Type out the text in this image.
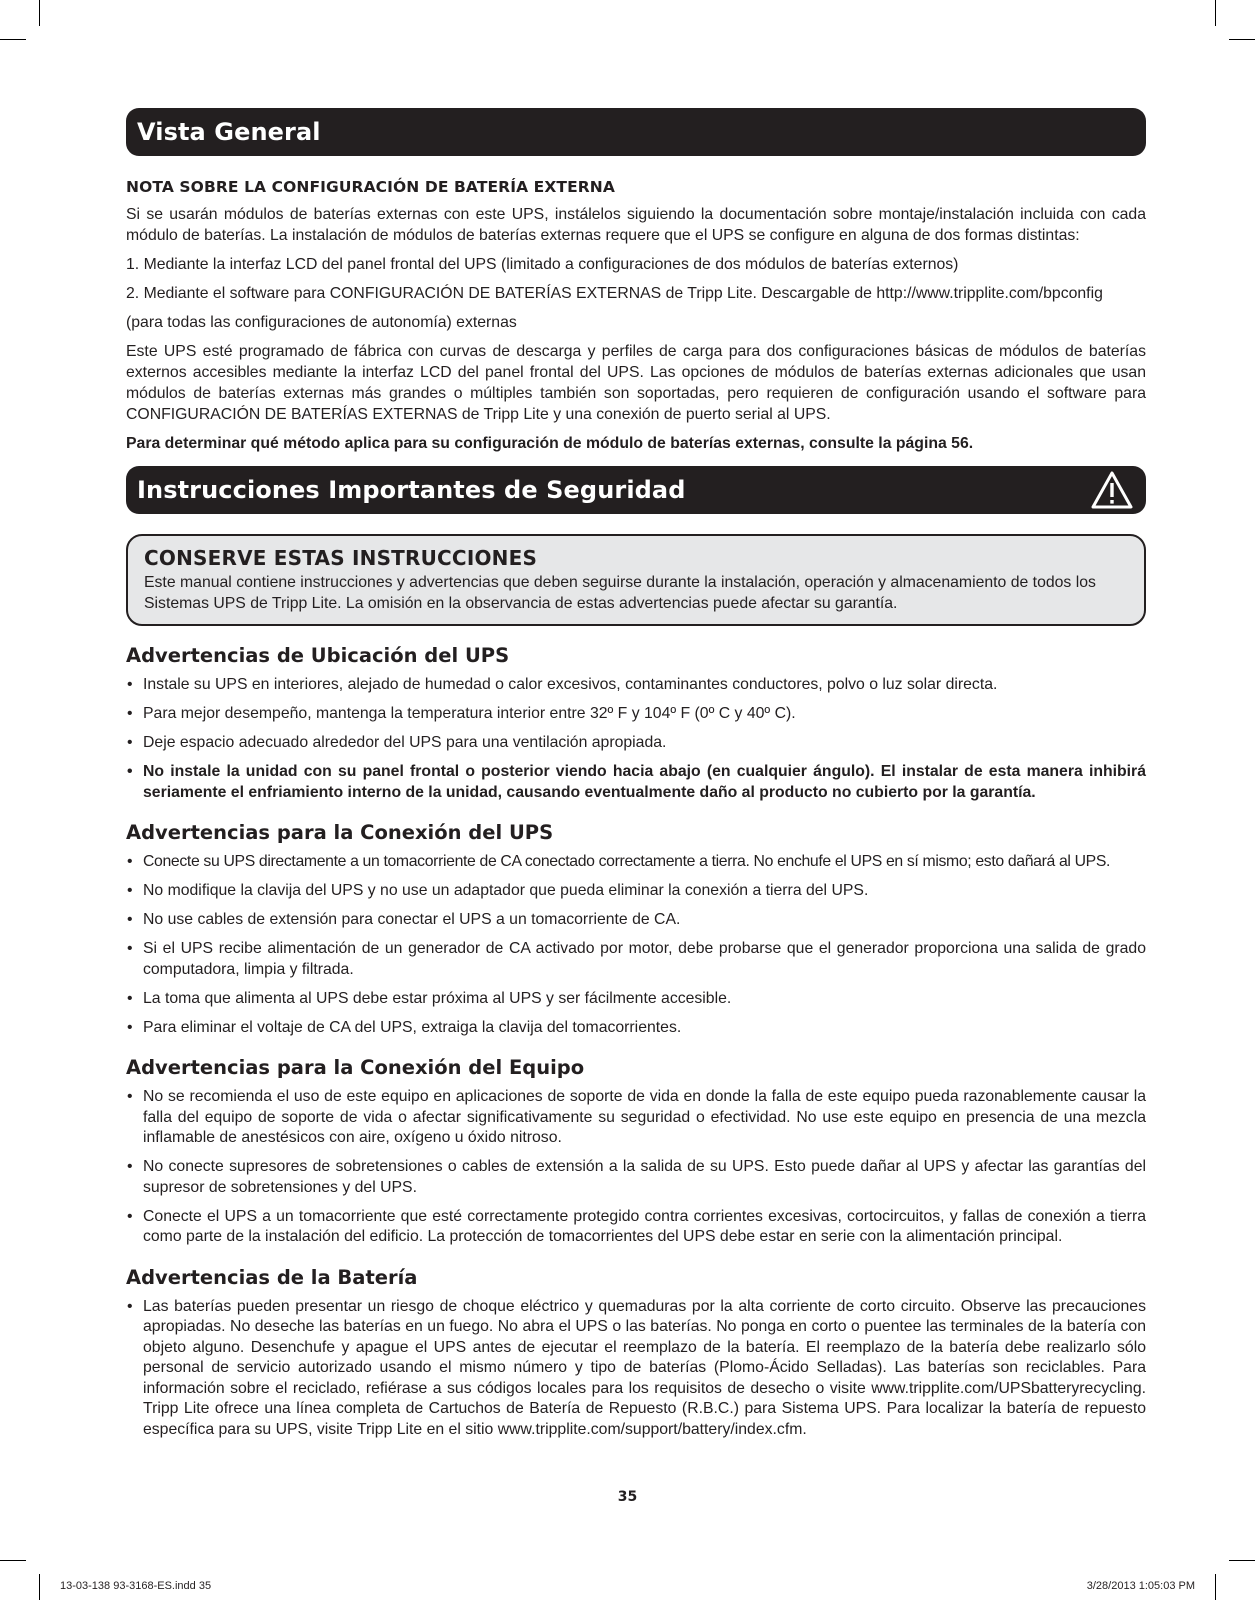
Vista General
NOTA SOBRE LA CONFIGURACIÓN DE BATERÍA EXTERNA

Si se usarán módulos de baterías externas con este UPS, instálelos siguiendo la documentación sobre montaje/instalación incluida con cada módulo de baterías. La instalación de módulos de baterías externas requere que el UPS se configure en alguna de dos formas distintas:

1. Mediante la interfaz LCD del panel frontal del UPS (limitado a configuraciones de dos módulos de baterías externos)

2. Mediante el software para CONFIGURACIÓN DE BATERÍAS EXTERNAS de Tripp Lite. Descargable de http://www.tripplite.com/bpconfig

(para todas las configuraciones de autonomía) externas

Este UPS esté programado de fábrica con curvas de descarga y perfiles de carga para dos configuraciones básicas de módulos de baterías externos accesibles mediante la interfaz LCD del panel frontal del UPS. Las opciones de módulos de baterías externas adicionales que usan módulos de baterías externas más grandes o múltiples también son soportadas, pero requieren de configuración usando el software para CONFIGURACIÓN DE BATERÍAS EXTERNAS de Tripp Lite y una conexión de puerto serial al UPS.

Para determinar qué método aplica para su configuración de módulo de baterías externas, consulte la página 56.

Instrucciones Importantes de Seguridad
CONSERVE ESTAS INSTRUCCIONES

Este manual contiene instrucciones y advertencias que deben seguirse durante la instalación, operación y almacenamiento de todos los Sistemas UPS de Tripp Lite. La omisión en la observancia de estas advertencias puede afectar su garantía.

Advertencias de Ubicación del UPS
• Instale su UPS en interiores, alejado de humedad o calor excesivos, contaminantes conductores, polvo o luz solar directa.
• Para mejor desempeño, mantenga la temperatura interior entre 32º F y 104º F (0º C y 40º C).
• Deje espacio adecuado alrededor del UPS para una ventilación apropiada.
• No instale la unidad con su panel frontal o posterior viendo hacia abajo (en cualquier ángulo). El instalar de esta manera inhibirá seriamente el enfriamiento interno de la unidad, causando eventualmente daño al producto no cubierto por la garantía.
Advertencias para la Conexión del UPS
• Conecte su UPS directamente a un tomacorriente de CA conectado correctamente a tierra. No enchufe el UPS en sí mismo; esto dañará al UPS.
• No modifique la clavija del UPS y no use un adaptador que pueda eliminar la conexión a tierra del UPS.
• No use cables de extensión para conectar el UPS a un tomacorriente de CA.
• Si el UPS recibe alimentación de un generador de CA activado por motor, debe probarse que el generador proporciona una salida de grado computadora, limpia y filtrada.
• La toma que alimenta al UPS debe estar próxima al UPS y ser fácilmente accesible.
• Para eliminar el voltaje de CA del UPS, extraiga la clavija del tomacorrientes.
Advertencias para la Conexión del Equipo
• No se recomienda el uso de este equipo en aplicaciones de soporte de vida en donde la falla de este equipo pueda razonablemente causar la falla del equipo de soporte de vida o afectar significativamente su seguridad o efectividad. No use este equipo en presencia de una mezcla inflamable de anestésicos con aire, oxígeno u óxido nitroso.
• No conecte supresores de sobretensiones o cables de extensión a la salida de su UPS. Esto puede dañar al UPS y afectar las garantías del supresor de sobretensiones y del UPS.
• Conecte el UPS a un tomacorriente que esté correctamente protegido contra corrientes excesivas, cortocircuitos, y fallas de conexión a tierra como parte de la instalación del edificio. La protección de tomacorrientes del UPS debe estar en serie con la alimentación principal.
Advertencias de la Batería
• Las baterías pueden presentar un riesgo de choque eléctrico y quemaduras por la alta corriente de corto circuito. Observe las precauciones apropiadas. No deseche las baterías en un fuego. No abra el UPS o las baterías. No ponga en corto o puentee las terminales de la batería con objeto alguno. Desenchufe y apague el UPS antes de ejecutar el reemplazo de la batería. El reemplazo de la batería debe realizarlo sólo personal de servicio autorizado usando el mismo número y tipo de baterías (Plomo-Ácido Selladas). Las baterías son reciclables. Para información sobre el reciclado, refiérase a sus códigos locales para los requisitos de desecho o visite www.tripplite.com/UPSbatteryrecycling. Tripp Lite ofrece una línea completa de Cartuchos de Batería de Repuesto (R.B.C.) para Sistema UPS. Para localizar la batería de repuesto específica para su UPS, visite Tripp Lite en el sitio www.tripplite.com/support/battery/index.cfm.
35
13-03-138 93-3168-ES.indd 35	3/28/2013 1:05:03 PM
